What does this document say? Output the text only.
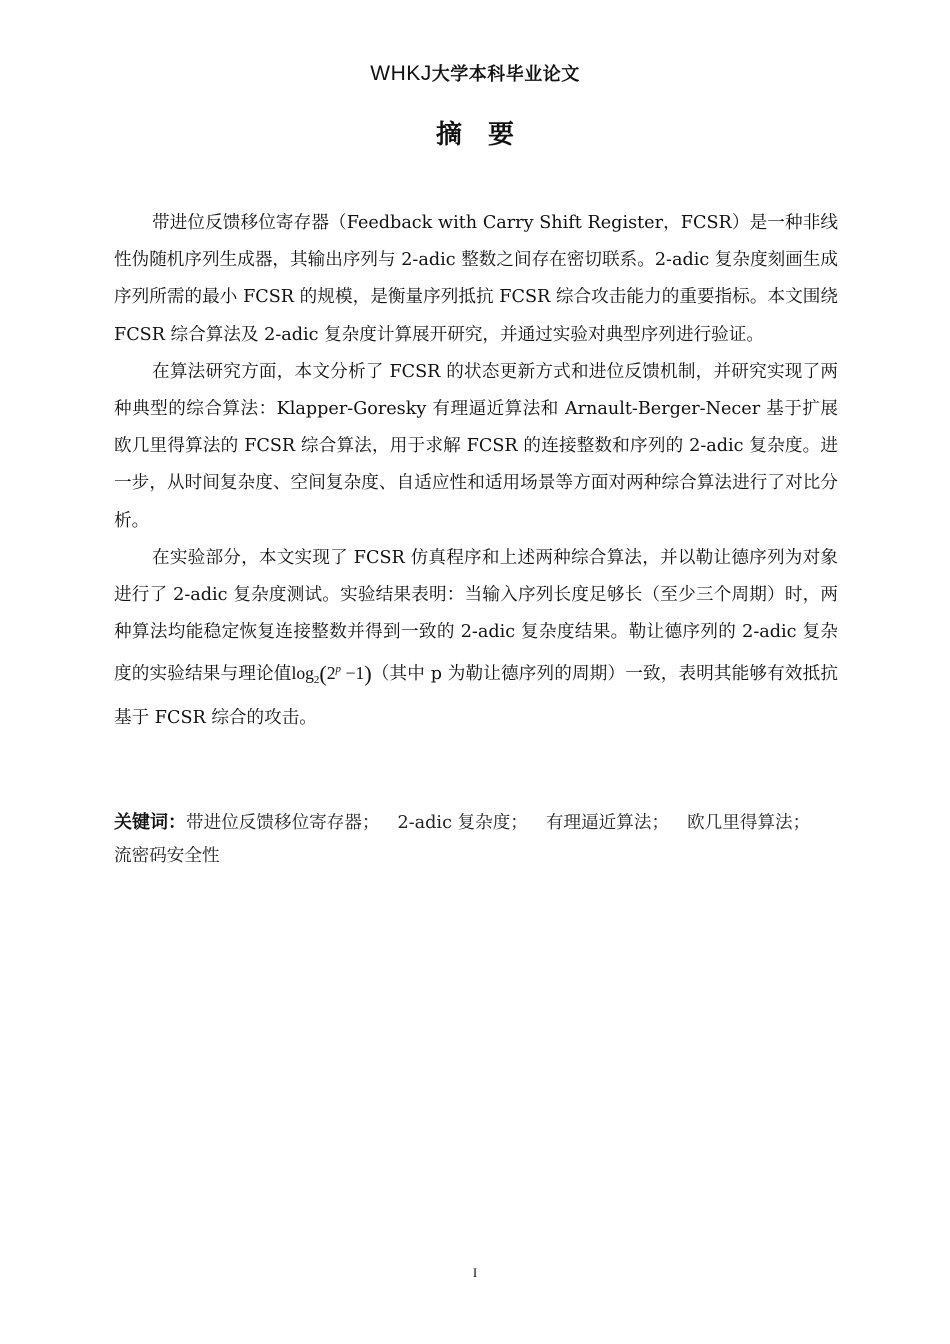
WHKJ大学本科毕业论文
摘要

带进位反馈移位寄存器（Feedback with Carry Shift Register，FCSR）是一种非线性伪随机序列生成器，其输出序列与 2-adic 整数之间存在密切联系。2-adic 复杂度刻画生成序列所需的最小 FCSR 的规模，是衡量序列抵抗 FCSR 综合攻击能力的重要指标。本文围绕 FCSR 综合算法及 2-adic 复杂度计算展开研究，并通过实验对典型序列进行验证。

在算法研究方面，本文分析了 FCSR 的状态更新方式和进位反馈机制，并研究实现了两种典型的综合算法：Klapper-Goresky 有理逼近算法和 Arnault-Berger-Necer 基于扩展欧几里得算法的 FCSR 综合算法，用于求解 FCSR 的连接整数和序列的 2-adic 复杂度。进一步，从时间复杂度、空间复杂度、自适应性和适用场景等方面对两种综合算法进行了对比分析。

在实验部分，本文实现了 FCSR 仿真程序和上述两种综合算法，并以勒让德序列为对象进行了 2-adic 复杂度测试。实验结果表明：当输入序列长度足够长（至少三个周期）时，两种算法均能稳定恢复连接整数并得到一致的 2-adic 复杂度结果。勒让德序列的 2-adic 复杂度的实验结果与理论值$\log_2(2^p -1)$（其中 p 为勒让德序列的周期）一致，表明其能够有效抵抗基于 FCSR 综合的攻击。

关键词：带进位反馈移位寄存器； 2-adic 复杂度； 有理逼近算法； 欧几里得算法；
流密码安全性
I
